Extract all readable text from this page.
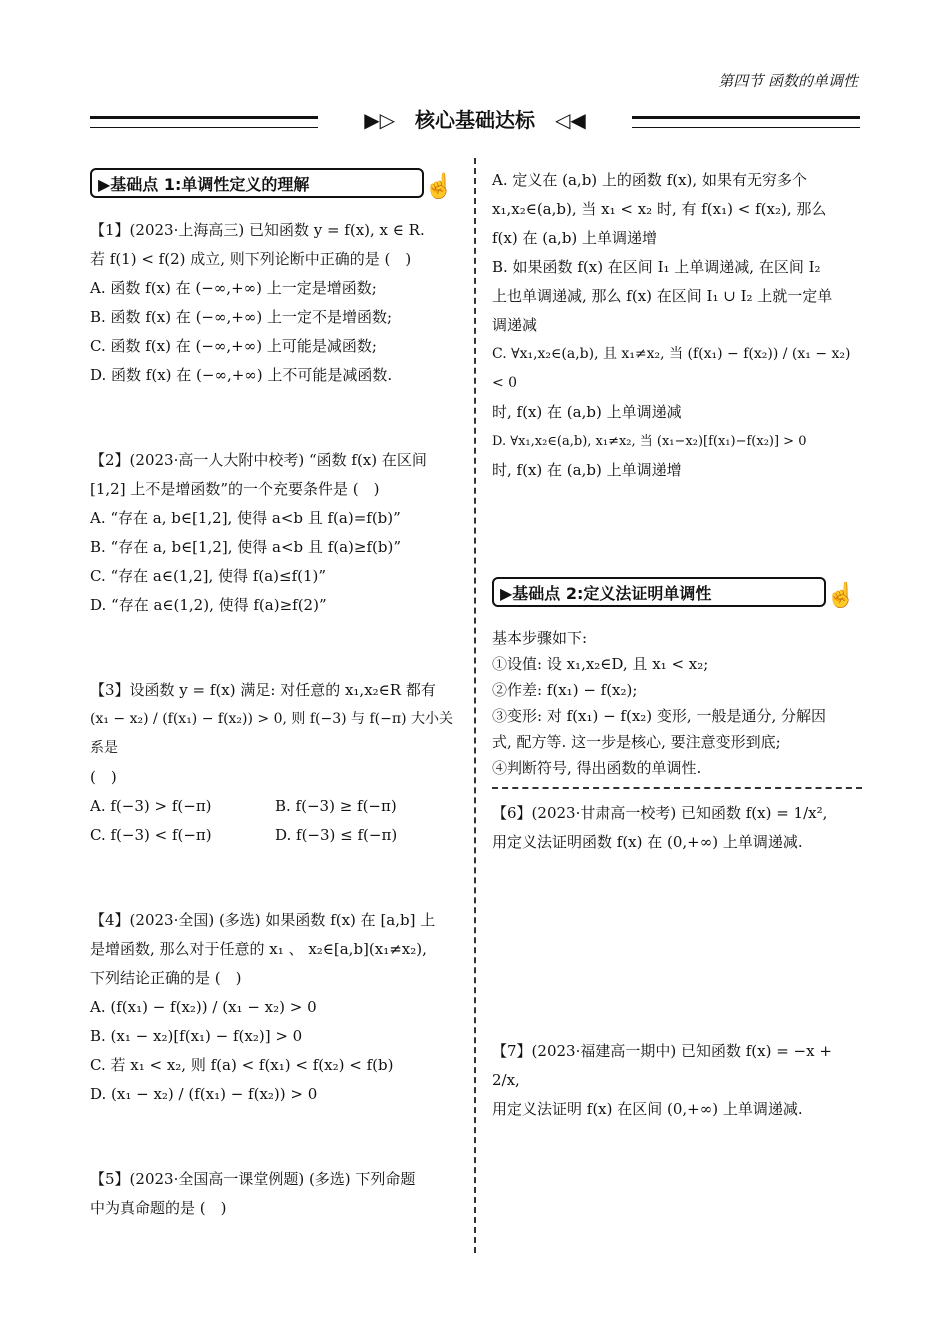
第四节 函数的单调性
▶▷　核心基础达标　◁◀
▶基础点 1:单调性定义的理解	☝

【1】(2023·上海高三) 已知函数 y = f(x), x ∈ R.

若 f(1) < f(2) 成立, 则下列论断中正确的是 (　)

A. 函数 f(x) 在 (−∞,+∞) 上一定是增函数;

B. 函数 f(x) 在 (−∞,+∞) 上一定不是增函数;

C. 函数 f(x) 在 (−∞,+∞) 上可能是减函数;

D. 函数 f(x) 在 (−∞,+∞) 上不可能是减函数.

【2】(2023·高一人大附中校考) “函数 f(x) 在区间

[1,2] 上不是增函数”的一个充要条件是 (　)

A. “存在 a, b∈[1,2], 使得 a<b 且 f(a)=f(b)”

B. “存在 a, b∈[1,2], 使得 a<b 且 f(a)≥f(b)”

C. “存在 a∈(1,2], 使得 f(a)≤f(1)”

D. “存在 a∈(1,2), 使得 f(a)≥f(2)”

【3】设函数 y = f(x) 满足: 对任意的 x₁,x₂∈R 都有

(x₁ − x₂) / (f(x₁) − f(x₂)) > 0, 则 f(−3) 与 f(−π) 大小关系是

(　)

A. f(−3) > f(−π)	B. f(−3) ≥ f(−π)
C. f(−3) < f(−π)	D. f(−3) ≤ f(−π)

【4】(2023·全国) (多选) 如果函数 f(x) 在 [a,b] 上

是增函数, 那么对于任意的 x₁ 、 x₂∈[a,b](x₁≠x₂),

下列结论正确的是 (　)

A. (f(x₁) − f(x₂)) / (x₁ − x₂) > 0

B. (x₁ − x₂)[f(x₁) − f(x₂)] > 0

C. 若 x₁ < x₂, 则 f(a) < f(x₁) < f(x₂) < f(b)

D. (x₁ − x₂) / (f(x₁) − f(x₂)) > 0

【5】(2023·全国高一课堂例题) (多选) 下列命题

中为真命题的是 (　)

A. 定义在 (a,b) 上的函数 f(x), 如果有无穷多个

x₁,x₂∈(a,b), 当 x₁ < x₂ 时, 有 f(x₁) < f(x₂), 那么

f(x) 在 (a,b) 上单调递增

B. 如果函数 f(x) 在区间 I₁ 上单调递减, 在区间 I₂

上也单调递减, 那么 f(x) 在区间 I₁ ∪ I₂ 上就一定单

调递减

C. ∀x₁,x₂∈(a,b), 且 x₁≠x₂, 当 (f(x₁) − f(x₂)) / (x₁ − x₂) < 0

时, f(x) 在 (a,b) 上单调递减

D. ∀x₁,x₂∈(a,b), x₁≠x₂, 当 (x₁−x₂)[f(x₁)−f(x₂)] > 0

时, f(x) 在 (a,b) 上单调递增

▶基础点 2:定义法证明单调性	☝

基本步骤如下:

①设值: 设 x₁,x₂∈D, 且 x₁ < x₂;

②作差: f(x₁) − f(x₂);

③变形: 对 f(x₁) − f(x₂) 变形, 一般是通分, 分解因

式, 配方等. 这一步是核心, 要注意变形到底;

④判断符号, 得出函数的单调性.

【6】(2023·甘肃高一校考) 已知函数 f(x) = 1/x²,

用定义法证明函数 f(x) 在 (0,+∞) 上单调递减.

【7】(2023·福建高一期中) 已知函数 f(x) = −x + 2/x,

用定义法证明 f(x) 在区间 (0,+∞) 上单调递减.
